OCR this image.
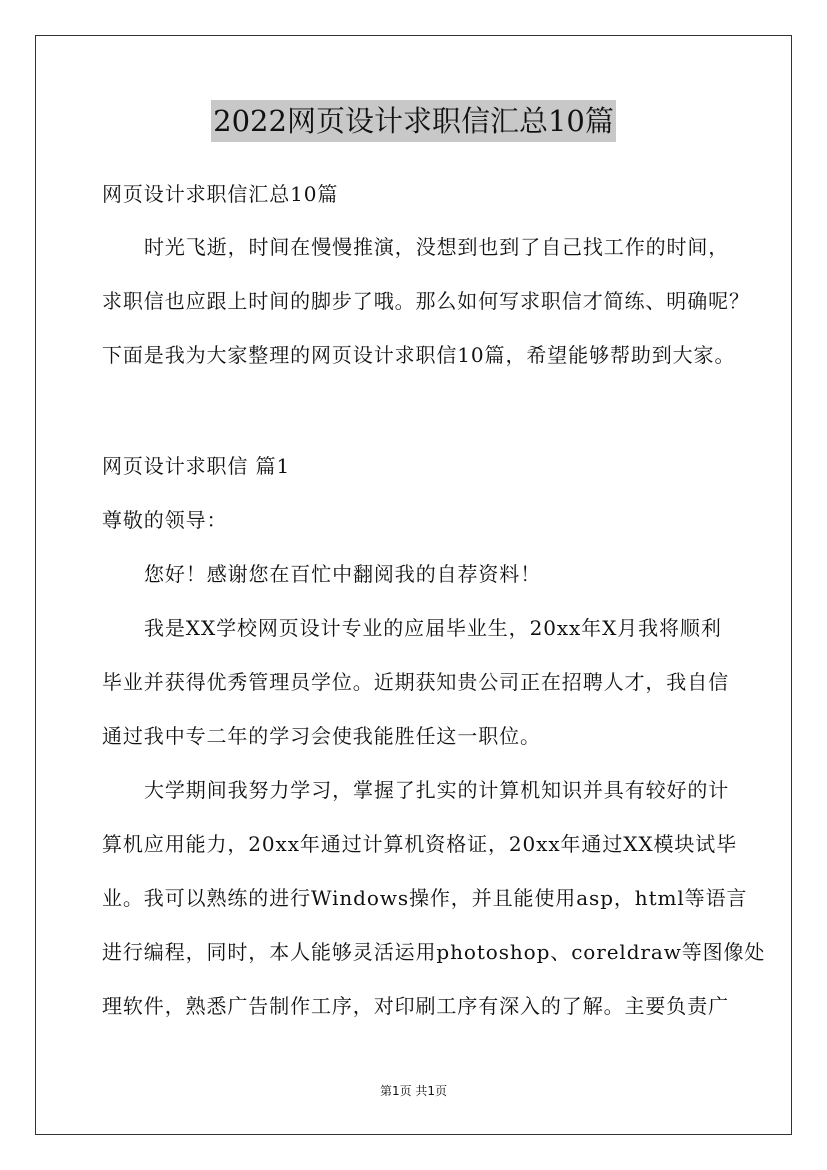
2022网页设计求职信汇总10篇
网页设计求职信汇总10篇
时光飞逝，时间在慢慢推演，没想到也到了自己找工作的时间，
求职信也应跟上时间的脚步了哦。那么如何写求职信才简练、明确呢？
下面是我为大家整理的网页设计求职信10篇，希望能够帮助到大家。
网页设计求职信 篇1
尊敬的领导：
您好！感谢您在百忙中翻阅我的自荐资料！
我是XX学校网页设计专业的应届毕业生，20xx年X月我将顺利
毕业并获得优秀管理员学位。近期获知贵公司正在招聘人才，我自信
通过我中专二年的学习会使我能胜任这一职位。
大学期间我努力学习，掌握了扎实的计算机知识并具有较好的计
算机应用能力，20xx年通过计算机资格证，20xx年通过XX模块试毕
业。我可以熟练的进行Windows操作，并且能使用asp，html等语言
进行编程，同时，本人能够灵活运用photoshop、coreldraw等图像处
理软件，熟悉广告制作工序，对印刷工序有深入的了解。主要负责广
第1页 共1页
